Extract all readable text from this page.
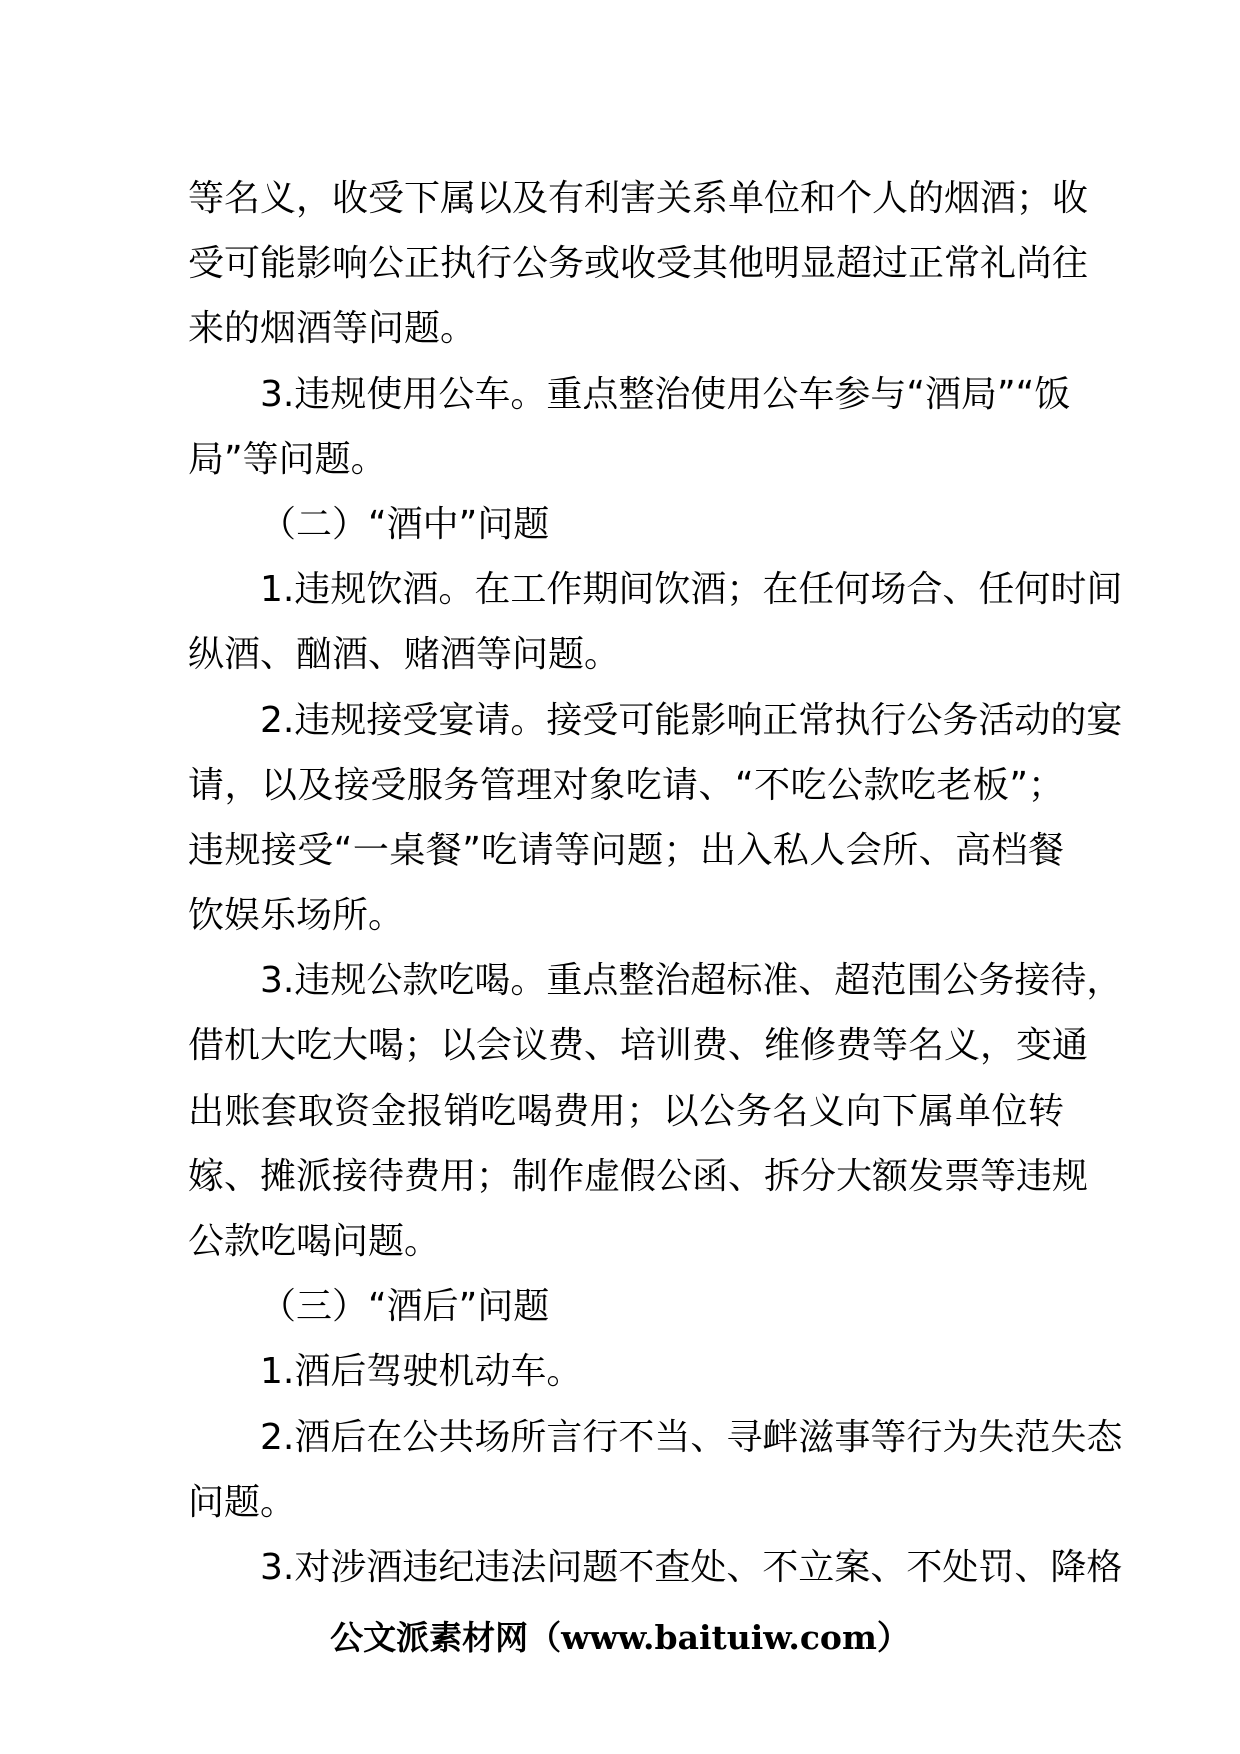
等名义，收受下属以及有利害关系单位和个人的烟酒；收
受可能影响公正执行公务或收受其他明显超过正常礼尚往
来的烟酒等问题。
3.违规使用公车。重点整治使用公车参与“酒局”“饭
局”等问题。
（二）“酒中”问题
1.违规饮酒。在工作期间饮酒；在任何场合、任何时间
纵酒、酗酒、赌酒等问题。
2.违规接受宴请。接受可能影响正常执行公务活动的宴
请，以及接受服务管理对象吃请、“不吃公款吃老板”；
违规接受“一桌餐”吃请等问题；出入私人会所、高档餐
饮娱乐场所。
3.违规公款吃喝。重点整治超标准、超范围公务接待，
借机大吃大喝；以会议费、培训费、维修费等名义，变通
出账套取资金报销吃喝费用；以公务名义向下属单位转
嫁、摊派接待费用；制作虚假公函、拆分大额发票等违规
公款吃喝问题。
（三）“酒后”问题
1.酒后驾驶机动车。
2.酒后在公共场所言行不当、寻衅滋事等行为失范失态
问题。
3.对涉酒违纪违法问题不查处、不立案、不处罚、降格
公文派素材网（www.baituiw.com）
